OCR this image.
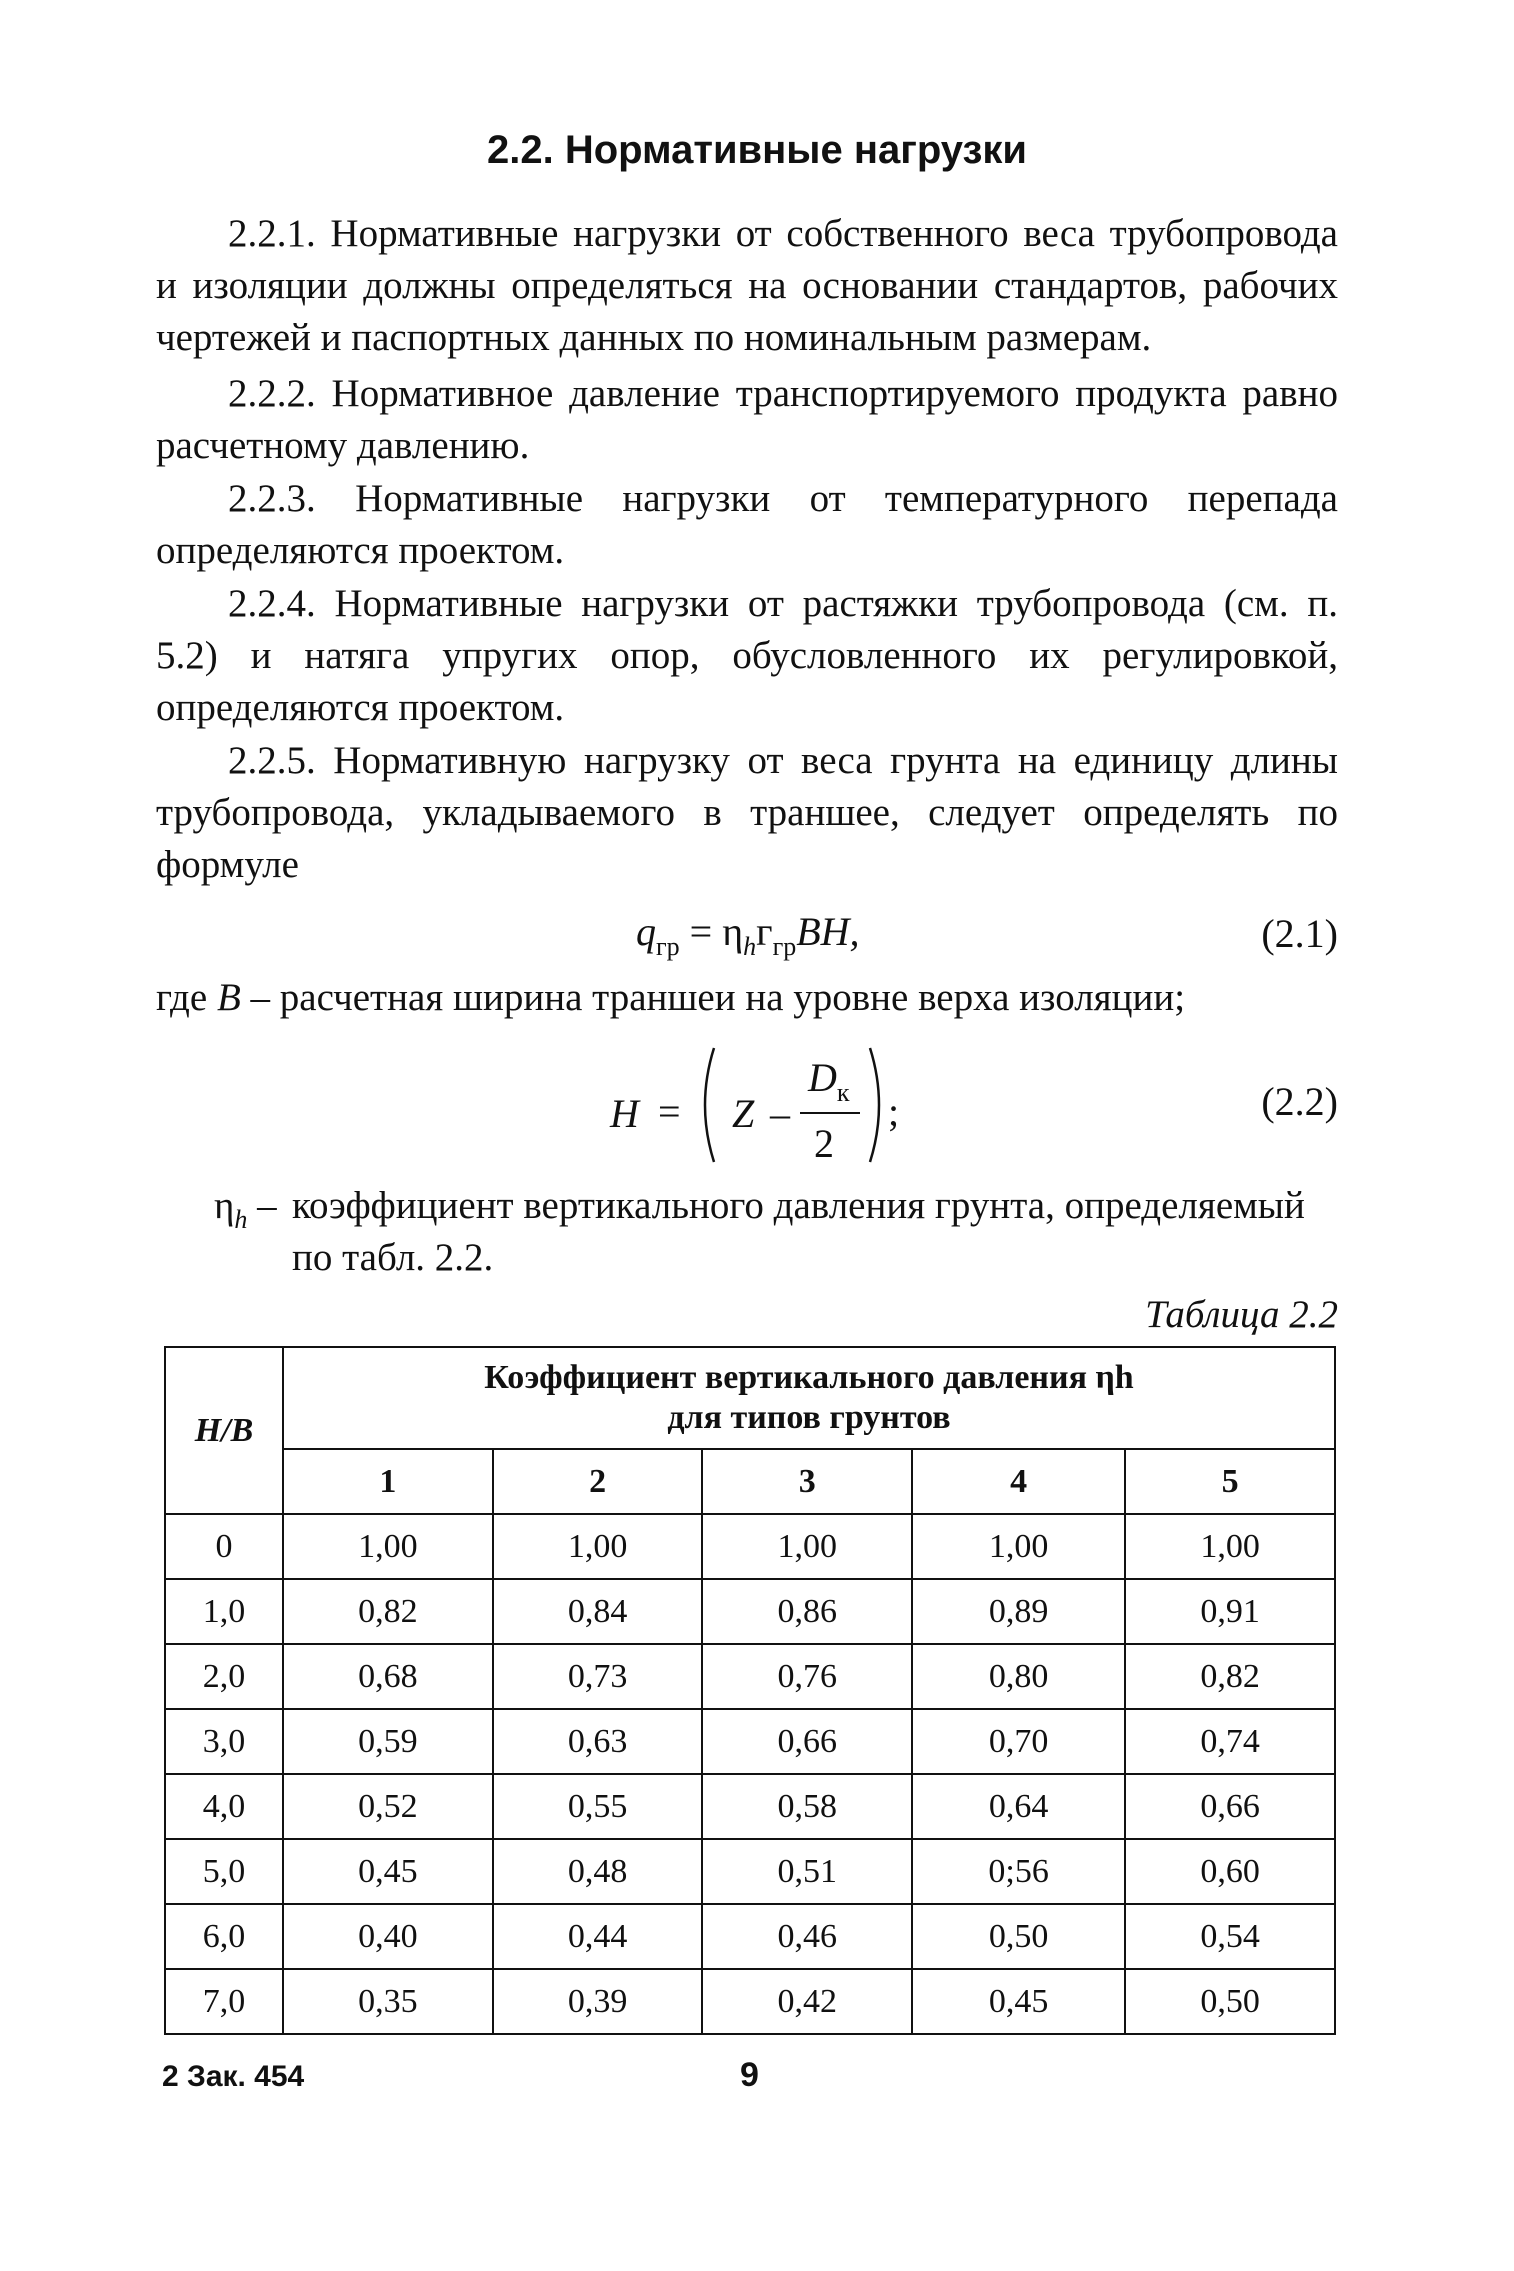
2.2. Нормативные нагрузки

2.2.1. Нормативные нагрузки от собственного веса трубопровода и изоляции должны определяться на основании стандартов, рабочих чертежей и паспортных данных по номинальным размерам.

2.2.2. Нормативное давление транспортируемого продукта равно расчетному давлению.

2.2.3. Нормативные нагрузки от температурного перепада определяются проектом.

2.2.4. Нормативные нагрузки от растяжки трубопровода (см. п. 5.2) и натяга упругих опор, обусловленного их регулировкой, определяются проектом.

2.2.5. Нормативную нагрузку от веса грунта на единицу длины трубопровода, укладываемого в траншее, следует определять по формуле

$q_{гр} = \eta_hг_{гр}BH$,	(2.1)
где B – расчетная ширина траншеи на уровне верха изоляции;
H = Z –
$D_к$
2
;	(2.2)
$\eta_h$ – коэффициент вертикального давления грунта, определяемый по табл. 2.2.
Таблица 2.2
H/B	Коэффициент вертикального давления ηh
для типов грунтов				

	1	2	3	4	5
0	1,00	1,00	1,00	1,00	1,00
1,0	0,82	0,84	0,86	0,89	0,91
2,0	0,68	0,73	0,76	0,80	0,82
3,0	0,59	0,63	0,66	0,70	0,74
4,0	0,52	0,55	0,58	0,64	0,66
5,0	0,45	0,48	0,51	0;56	0,60
6,0	0,40	0,44	0,46	0,50	0,54
7,0	0,35	0,39	0,42	0,45	0,50
2 Зак. 454	9
